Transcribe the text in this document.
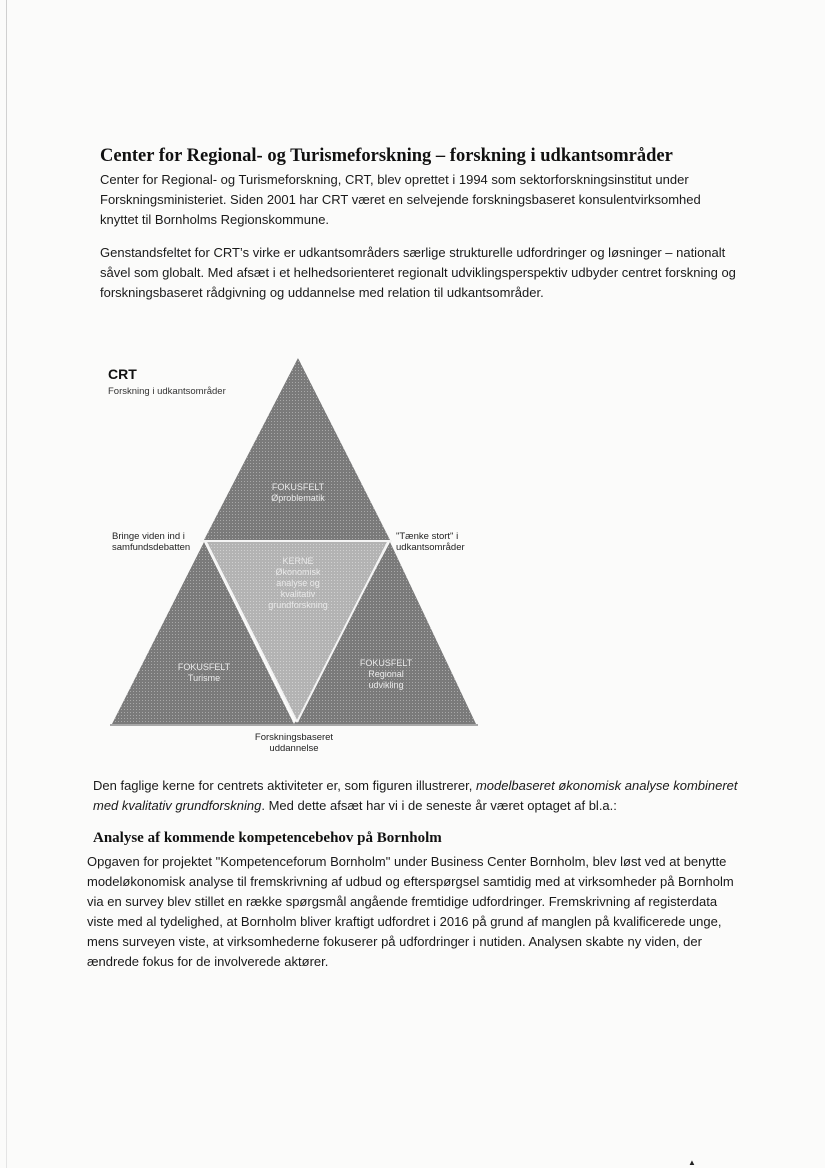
Center for Regional- og Turismeforskning – forskning i udkantsområder

Center for Regional- og Turismeforskning, CRT, blev oprettet i 1994 som sektorforskningsinstitut under Forskningsministeriet. Siden 2001 har CRT været en selvejende forskningsbaseret konsulentvirksomhed knyttet til Bornholms Regionskommune.

Genstandsfeltet for CRT’s virke er udkantsområders særlige strukturelle udfordringer og løsninger – nationalt såvel som globalt. Med afsæt i et helhedsorienteret regionalt udviklingsperspektiv udbyder centret forskning og forskningsbaseret rådgivning og uddannelse med relation til udkantsområder.

CRT
Forskning i udkantsområder
Bringe viden ind i
samfundsdebatten
"Tænke stort" i
udkantsområder
Forskningsbaseret
uddannelse
FOKUSFELT
Øproblematik
KERNE
Økonomisk
analyse og
kvalitativ
grundforskning
FOKUSFELT
Turisme
FOKUSFELT
Regional
udvikling

Den faglige kerne for centrets aktiviteter er, som figuren illustrerer, modelbaseret økonomisk analyse kombineret med kvalitativ grundforskning. Med dette afsæt har vi i de seneste år været optaget af bl.a.:

Analyse af kommende kompetencebehov på Bornholm

Opgaven for projektet "Kompetenceforum Bornholm" under Business Center Bornholm, blev løst ved at benytte modeløkonomisk analyse til fremskrivning af udbud og efterspørgsel samtidig med at virksomheder på Bornholm via en survey blev stillet en række spørgsmål angående fremtidige udfordringer. Fremskrivning af registerdata viste med al tydelighed, at Bornholm bliver kraftigt udfordret i 2016 på grund af manglen på kvalificerede unge, mens surveyen viste, at virksomhederne fokuserer på udfordringer i nutiden. Analysen skabte ny viden, der ændrede fokus for de involverede aktører.

▲
